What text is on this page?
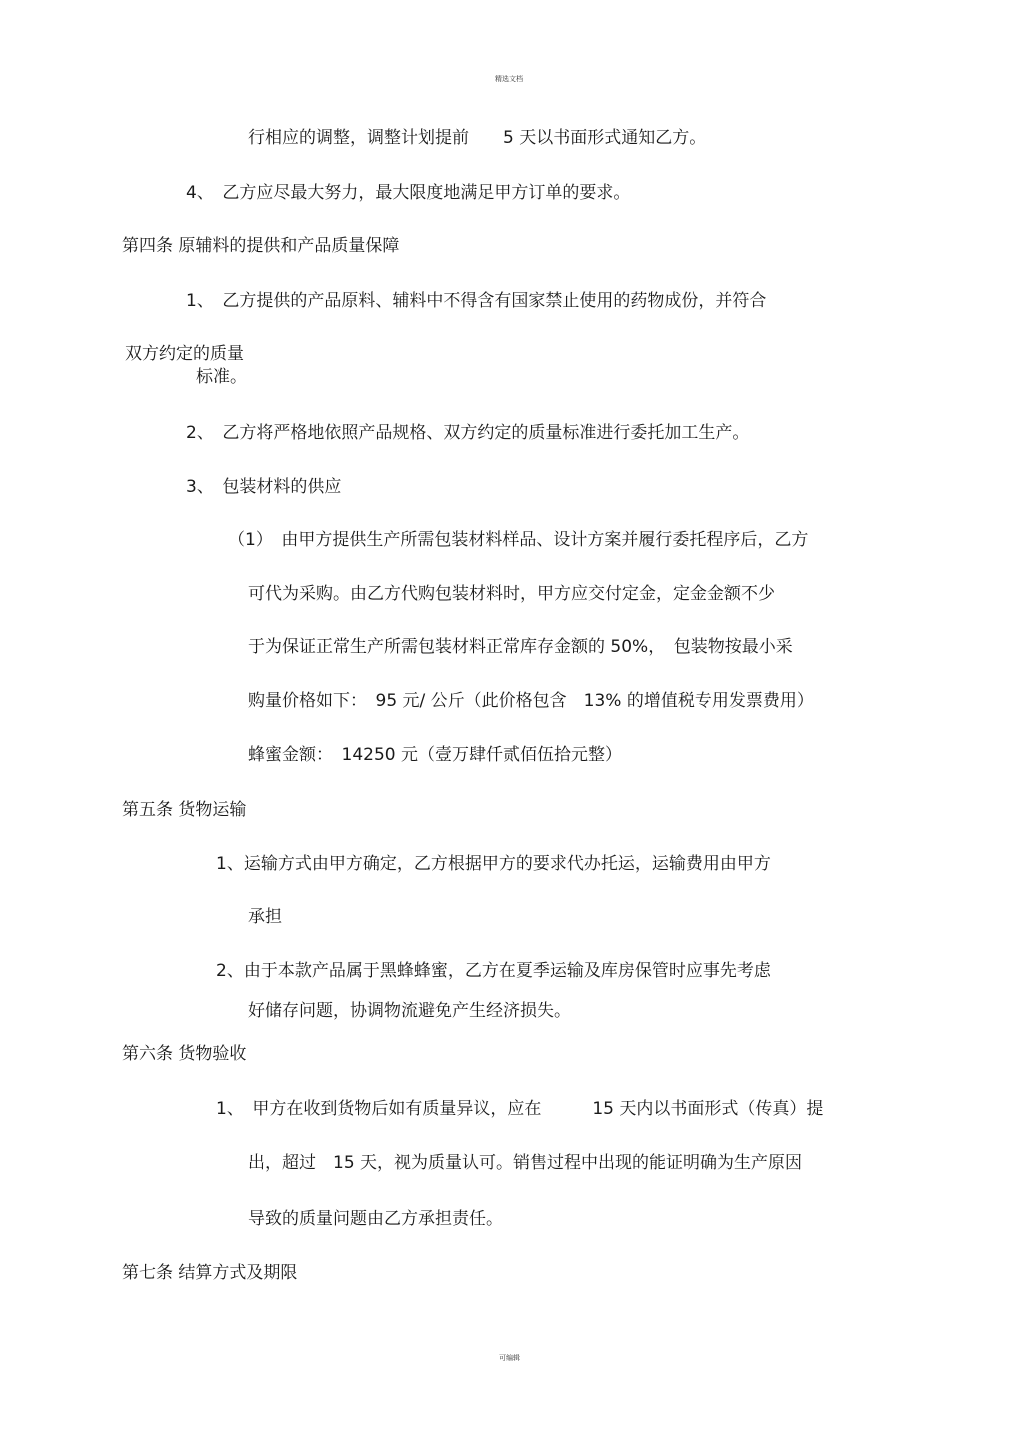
精选文档
行相应的调整，调整计划提前　　5 天以书面形式通知乙方。
4、　乙方应尽最大努力，最大限度地满足甲方订单的要求。
第四条 原辅料的提供和产品质量保障
1、　乙方提供的产品原料、辅料中不得含有国家禁止使用的药物成份，并符合
双方约定的质量
标准。
2、　乙方将严格地依照产品规格、双方约定的质量标准进行委托加工生产。
3、　包装材料的供应
（1）　由甲方提供生产所需包装材料样品、设计方案并履行委托程序后，乙方
可代为采购。由乙方代购包装材料时，甲方应交付定金，定金金额不少
于为保证正常生产所需包装材料正常库存金额的 50%，　包装物按最小采
购量价格如下：　95 元/ 公斤（此价格包含　13% 的增值税专用发票费用）
蜂蜜金额：　14250 元（壹万肆仟贰佰伍拾元整）
第五条 货物运输
1、运输方式由甲方确定，乙方根据甲方的要求代办托运，运输费用由甲方
承担
2、由于本款产品属于黑蜂蜂蜜，乙方在夏季运输及库房保管时应事先考虑
好储存问题，协调物流避免产生经济损失。
第六条 货物验收
1、　甲方在收到货物后如有质量异议，应在　　　15 天内以书面形式（传真）提
出，超过　15 天，视为质量认可。销售过程中出现的能证明确为生产原因
导致的质量问题由乙方承担责任。
第七条 结算方式及期限
可编辑
